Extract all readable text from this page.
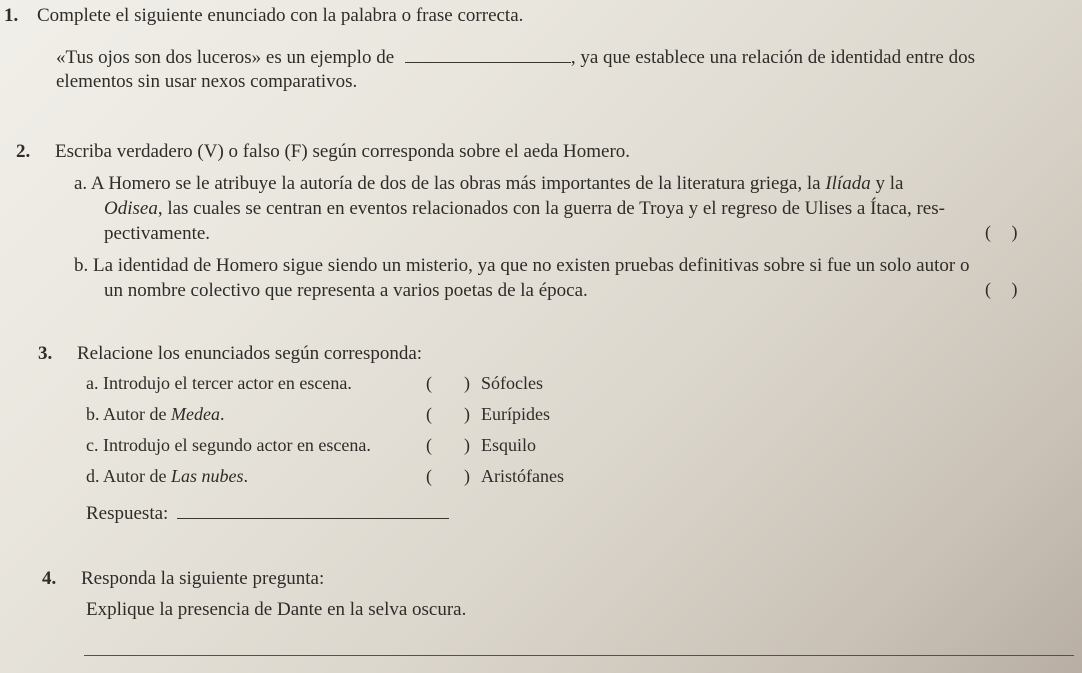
1. Complete el siguiente enunciado con la palabra o frase correcta.
«Tus ojos son dos luceros» es un ejemplo de	, ya que establece una relación de identidad entre dos
elementos sin usar nexos comparativos.
2. Escriba verdadero (V) o falso (F) según corresponda sobre el aeda Homero.
a. A Homero se le atribuye la autoría de dos de las obras más importantes de la literatura griega, la Ilíada y la
Odisea, las cuales se centran en eventos relacionados con la guerra de Troya y el regreso de Ulises a Ítaca, res-
pectivamente.	( )
b. La identidad de Homero sigue siendo un misterio, ya que no existen pruebas definitivas sobre si fue un solo autor o
un nombre colectivo que representa a varios poetas de la época.	( )
3. Relacione los enunciados según corresponda:
a. Introdujo el tercer actor en escena.	( ) Sófocles
b. Autor de Medea.	( ) Eurípides
c. Introdujo el segundo actor en escena.	( ) Esquilo
d. Autor de Las nubes.	( ) Aristófanes
Respuesta:
4. Responda la siguiente pregunta:
Explique la presencia de Dante en la selva oscura.
